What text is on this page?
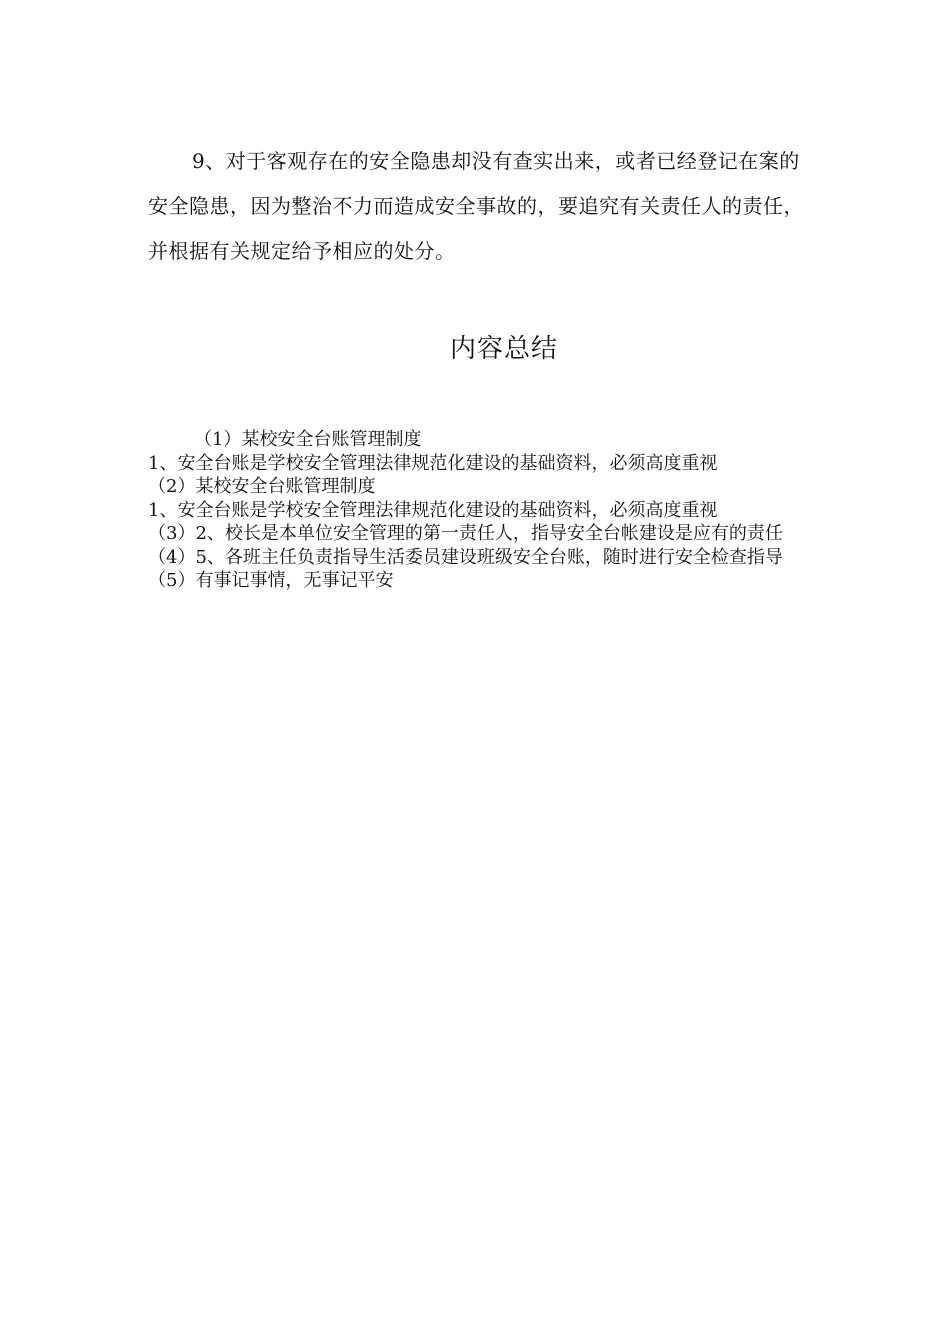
9、对于客观存在的安全隐患却没有查实出来，或者已经登记在案的安全隐患，因为整治不力而造成安全事故的，要追究有关责任人的责任，并根据有关规定给予相应的处分。

内容总结
（1）某校安全台账管理制度
1、安全台账是学校安全管理法律规范化建设的基础资料，必须高度重视
（2）某校安全台账管理制度
1、安全台账是学校安全管理法律规范化建设的基础资料，必须高度重视
（3）2、校长是本单位安全管理的第一责任人，指导安全台帐建设是应有的责任
（4）5、各班主任负责指导生活委员建设班级安全台账，随时进行安全检查指导
（5）有事记事情，无事记平安
